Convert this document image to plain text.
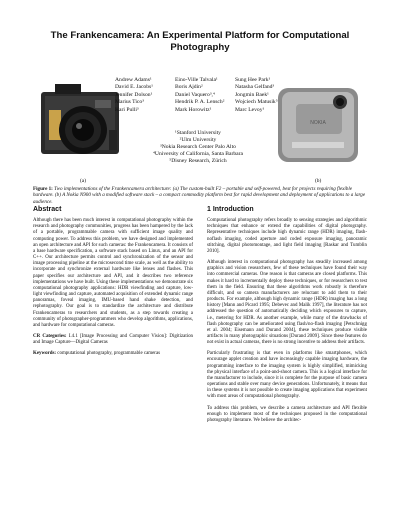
The Frankencamera: An Experimental Platform for Computational Photography
Andrew Adams¹	Eino-Ville Talvala¹	Sung Hee Park¹
David E. Jacobs¹	Boris Ajdin²	Natasha Gelfand³
Jennifer Dolson¹	Daniel Vaquero³,⁴	Jongmin Baek¹
Marius Tico³	Hendrik P. A. Lensch²	Wojciech Matusik⁵
Kari Pulli³	Mark Horowitz¹	Marc Levoy¹
¹Stanford University
²Ulm University
³Nokia Research Center Palo Alto
⁴University of California, Santa Barbara
⁵Disney Research, Zürich
NOKIA
(a)	(b)
Figure 1: Two implementations of the Frankencamera architecture: (a) The custom-built F2 – portable and self-powered, best for projects requiring flexible hardware. (b) A Nokia N900 with a modified software stack – a compact commodity platform best for rapid development and deployment of applications to a large audience.
Abstract

Although there has been much interest in computational photography within the research and photography communities, progress has been hampered by the lack of a portable, programmable camera with sufficient image quality and computing power. To address this problem, we have designed and implemented an open architecture and API for such cameras: the Frankencamera. It consists of a base hardware specification, a software stack based on Linux, and an API for C++. Our architecture permits control and synchronization of the sensor and image processing pipeline at the microsecond time scale, as well as the ability to incorporate and synchronize external hardware like lenses and flashes. This paper specifies our architecture and API, and it describes two reference implementations we have built. Using these implementations we demonstrate six computational photography applications: HDR viewfinding and capture, low-light viewfinding and capture, automated acquisition of extended dynamic range panoramas, foveal imaging, IMU-based hand shake detection, and rephotography. Our goal is to standardize the architecture and distribute Frankencameras to researchers and students, as a step towards creating a community of photographer-programmers who develop algorithms, applications, and hardware for computational cameras.

CR Categories: I.4.1 [Image Processing and Computer Vision]: Digitization and Image Capture—Digital Cameras

Keywords: computational photography, programmable cameras

1 Introduction

Computational photography refers broadly to sensing strategies and algorithmic techniques that enhance or extend the capabilities of digital photography. Representative techniques include high dynamic range (HDR) imaging, flash-noflash imaging, coded aperture and coded exposure imaging, panoramic stitching, digital photomontage, and light field imaging [Raskar and Tumblin 2010].

Although interest in computational photography has steadily increased among graphics and vision researchers, few of these techniques have found their way into commercial cameras. One reason is that cameras are closed platforms. This makes it hard to incrementally deploy these techniques, or for researchers to test them in the field. Ensuring that these algorithms work robustly is therefore difficult, and so camera manufacturers are reluctant to add them to their products. For example, although high dynamic range (HDR) imaging has a long history [Mann and Picard 1995; Debevec and Malik 1997], the literature has not addressed the question of automatically deciding which exposures to capture, i.e., metering for HDR. As another example, while many of the drawbacks of flash photography can be ameliorated using flash/no-flash imaging [Petschnigg et al. 2004; Eisemann and Durand 2004], these techniques produce visible artifacts in many photographic situations [Durand 2009]. Since these features do not exist in actual cameras, there is no strong incentive to address their artifacts.

Particularly frustrating is that even in platforms like smartphones, which encourage applet creation and have increasingly capable imaging hardware, the programming interface to the imaging system is highly simplified, mimicking the physical interface of a point-and-shoot camera. This is a logical interface for the manufacturer to include, since it is complete for the purpose of basic camera operations and stable over many device generations. Unfortunately, it means that in these systems it is not possible to create imaging applications that experiment with most areas of computational photography.

To address this problem, we describe a camera architecture and API flexible enough to implement most of the techniques proposed in the computational photography literature. We believe the architec-
